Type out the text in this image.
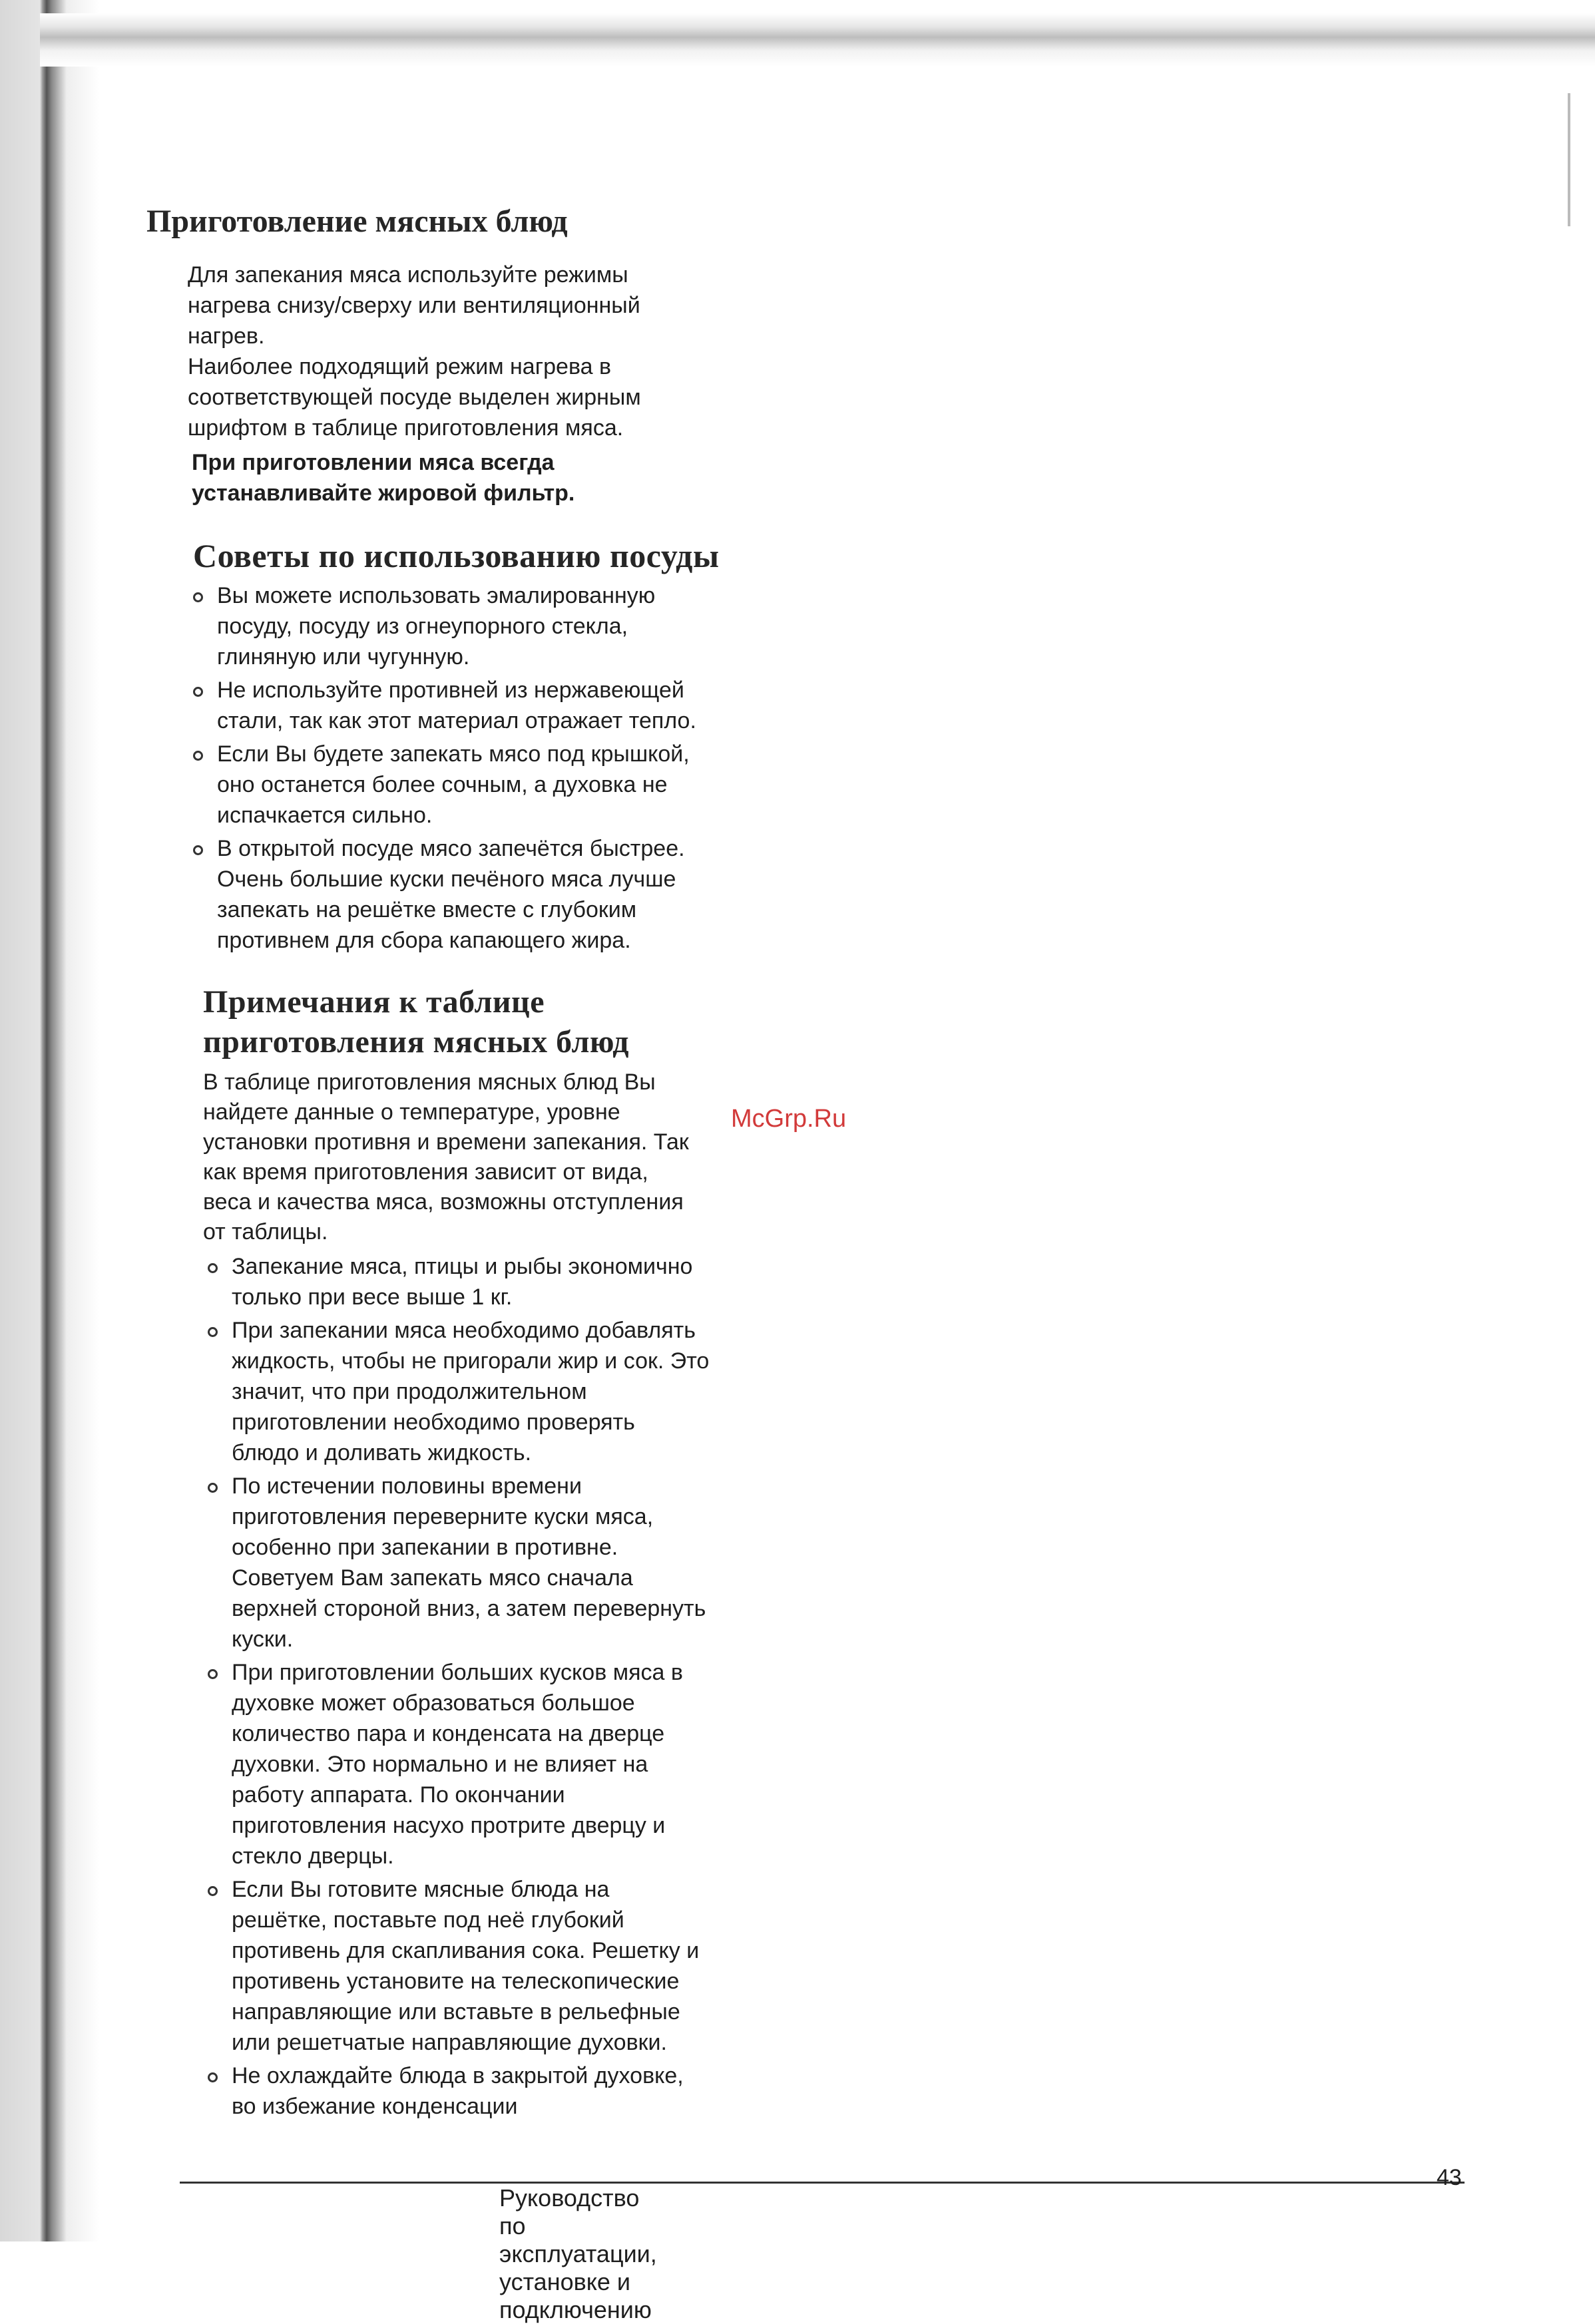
Приготовление мясных блюд

Для запекания мяса используйте режимы
нагрева снизу/сверху или вентиляционный
нагрев.
Наиболее подходящий режим нагрева в
соответствующей посуде выделен жирным
шрифтом в таблице приготовления мяса.

При приготовлении мяса всегда
устанавливайте жировой фильтр.

Советы по использованию посуды
Вы можете использовать эмалированную
посуду, посуду из огнеупорного стекла,
глиняную или чугунную.
Не используйте противней из нержавеющей
стали, так как этот материал отражает тепло.
Если Вы будете запекать мясо под крышкой,
оно останется более сочным, а духовка не
испачкается сильно.
В открытой посуде мясо запечётся быстрее.
Очень большие куски печёного мяса лучше
запекать на решётке вместе с глубоким
противнем для сбора капающего жира.
Примечания к таблице
приготовления мясных блюд

В таблице приготовления мясных блюд Вы
найдете данные о температуре, уровне
установки противня и времени запекания. Так
как время приготовления зависит от вида,
веса и качества мяса, возможны отступления
от таблицы.

Запекание мяса, птицы и рыбы экономично
только при весе выше 1 кг.
При запекании мяса необходимо добавлять
жидкость, чтобы не пригорали жир и сок. Это
значит, что при продолжительном
приготовлении необходимо проверять
блюдо и доливать жидкость.
По истечении половины времени
приготовления переверните куски мяса,
особенно при запекании в противне.
Советуем Вам запекать мясо сначала
верхней стороной вниз, а затем перевернуть
куски.
При приготовлении больших кусков мяса в
духовке может образоваться большое
количество пара и конденсата на дверце
духовки. Это нормально и не влияет на
работу аппарата. По окончании
приготовления насухо протрите дверцу и
стекло дверцы.
Если Вы готовите мясные блюда на
решётке, поставьте под неё глубокий
противень для скапливания сока. Решетку и
противень установите на телескопические
направляющие или вставьте в рельефные
или решетчатые направляющие духовки.
Не охлаждайте блюда в закрытой духовке,
во избежание конденсации
McGrp.Ru
Руководство по эксплуатации, установке и подключению
43
